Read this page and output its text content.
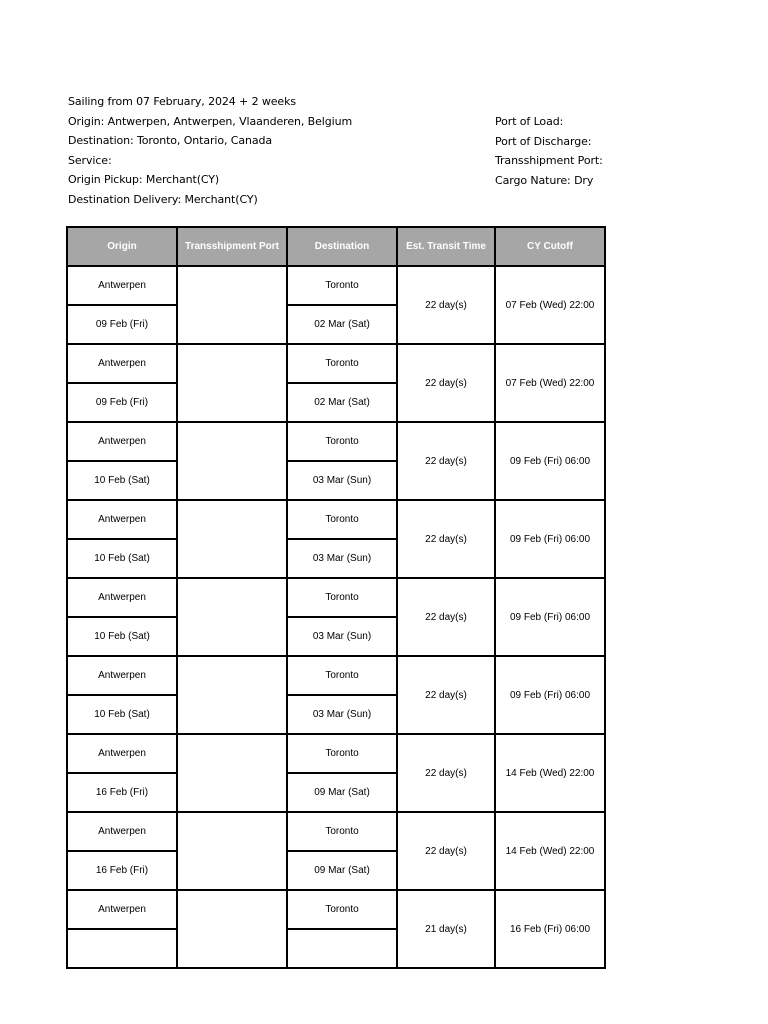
Sailing from 07 February, 2024 + 2 weeks
Origin: Antwerpen, Antwerpen, Vlaanderen, Belgium
Destination: Toronto, Ontario, Canada
Service:
Origin Pickup: Merchant(CY)
Destination Delivery: Merchant(CY)
Port of Load:
Port of Discharge:
Transshipment Port:
Cargo Nature: Dry
Origin	Transshipment Port	Destination	Est. Transit Time	CY Cutoff
Antwerpen		Toronto	22 day(s)	07 Feb (Wed) 22:00
09 Feb (Fri)		02 Mar (Sat)		
Antwerpen		Toronto	22 day(s)	07 Feb (Wed) 22:00
09 Feb (Fri)		02 Mar (Sat)		
Antwerpen		Toronto	22 day(s)	09 Feb (Fri) 06:00
10 Feb (Sat)		03 Mar (Sun)		
Antwerpen		Toronto	22 day(s)	09 Feb (Fri) 06:00
10 Feb (Sat)		03 Mar (Sun)		
Antwerpen		Toronto	22 day(s)	09 Feb (Fri) 06:00
10 Feb (Sat)		03 Mar (Sun)		
Antwerpen		Toronto	22 day(s)	09 Feb (Fri) 06:00
10 Feb (Sat)		03 Mar (Sun)		
Antwerpen		Toronto	22 day(s)	14 Feb (Wed) 22:00
16 Feb (Fri)		09 Mar (Sat)		
Antwerpen		Toronto	22 day(s)	14 Feb (Wed) 22:00
16 Feb (Fri)		09 Mar (Sat)		
Antwerpen		Toronto	21 day(s)	16 Feb (Fri) 06:00
